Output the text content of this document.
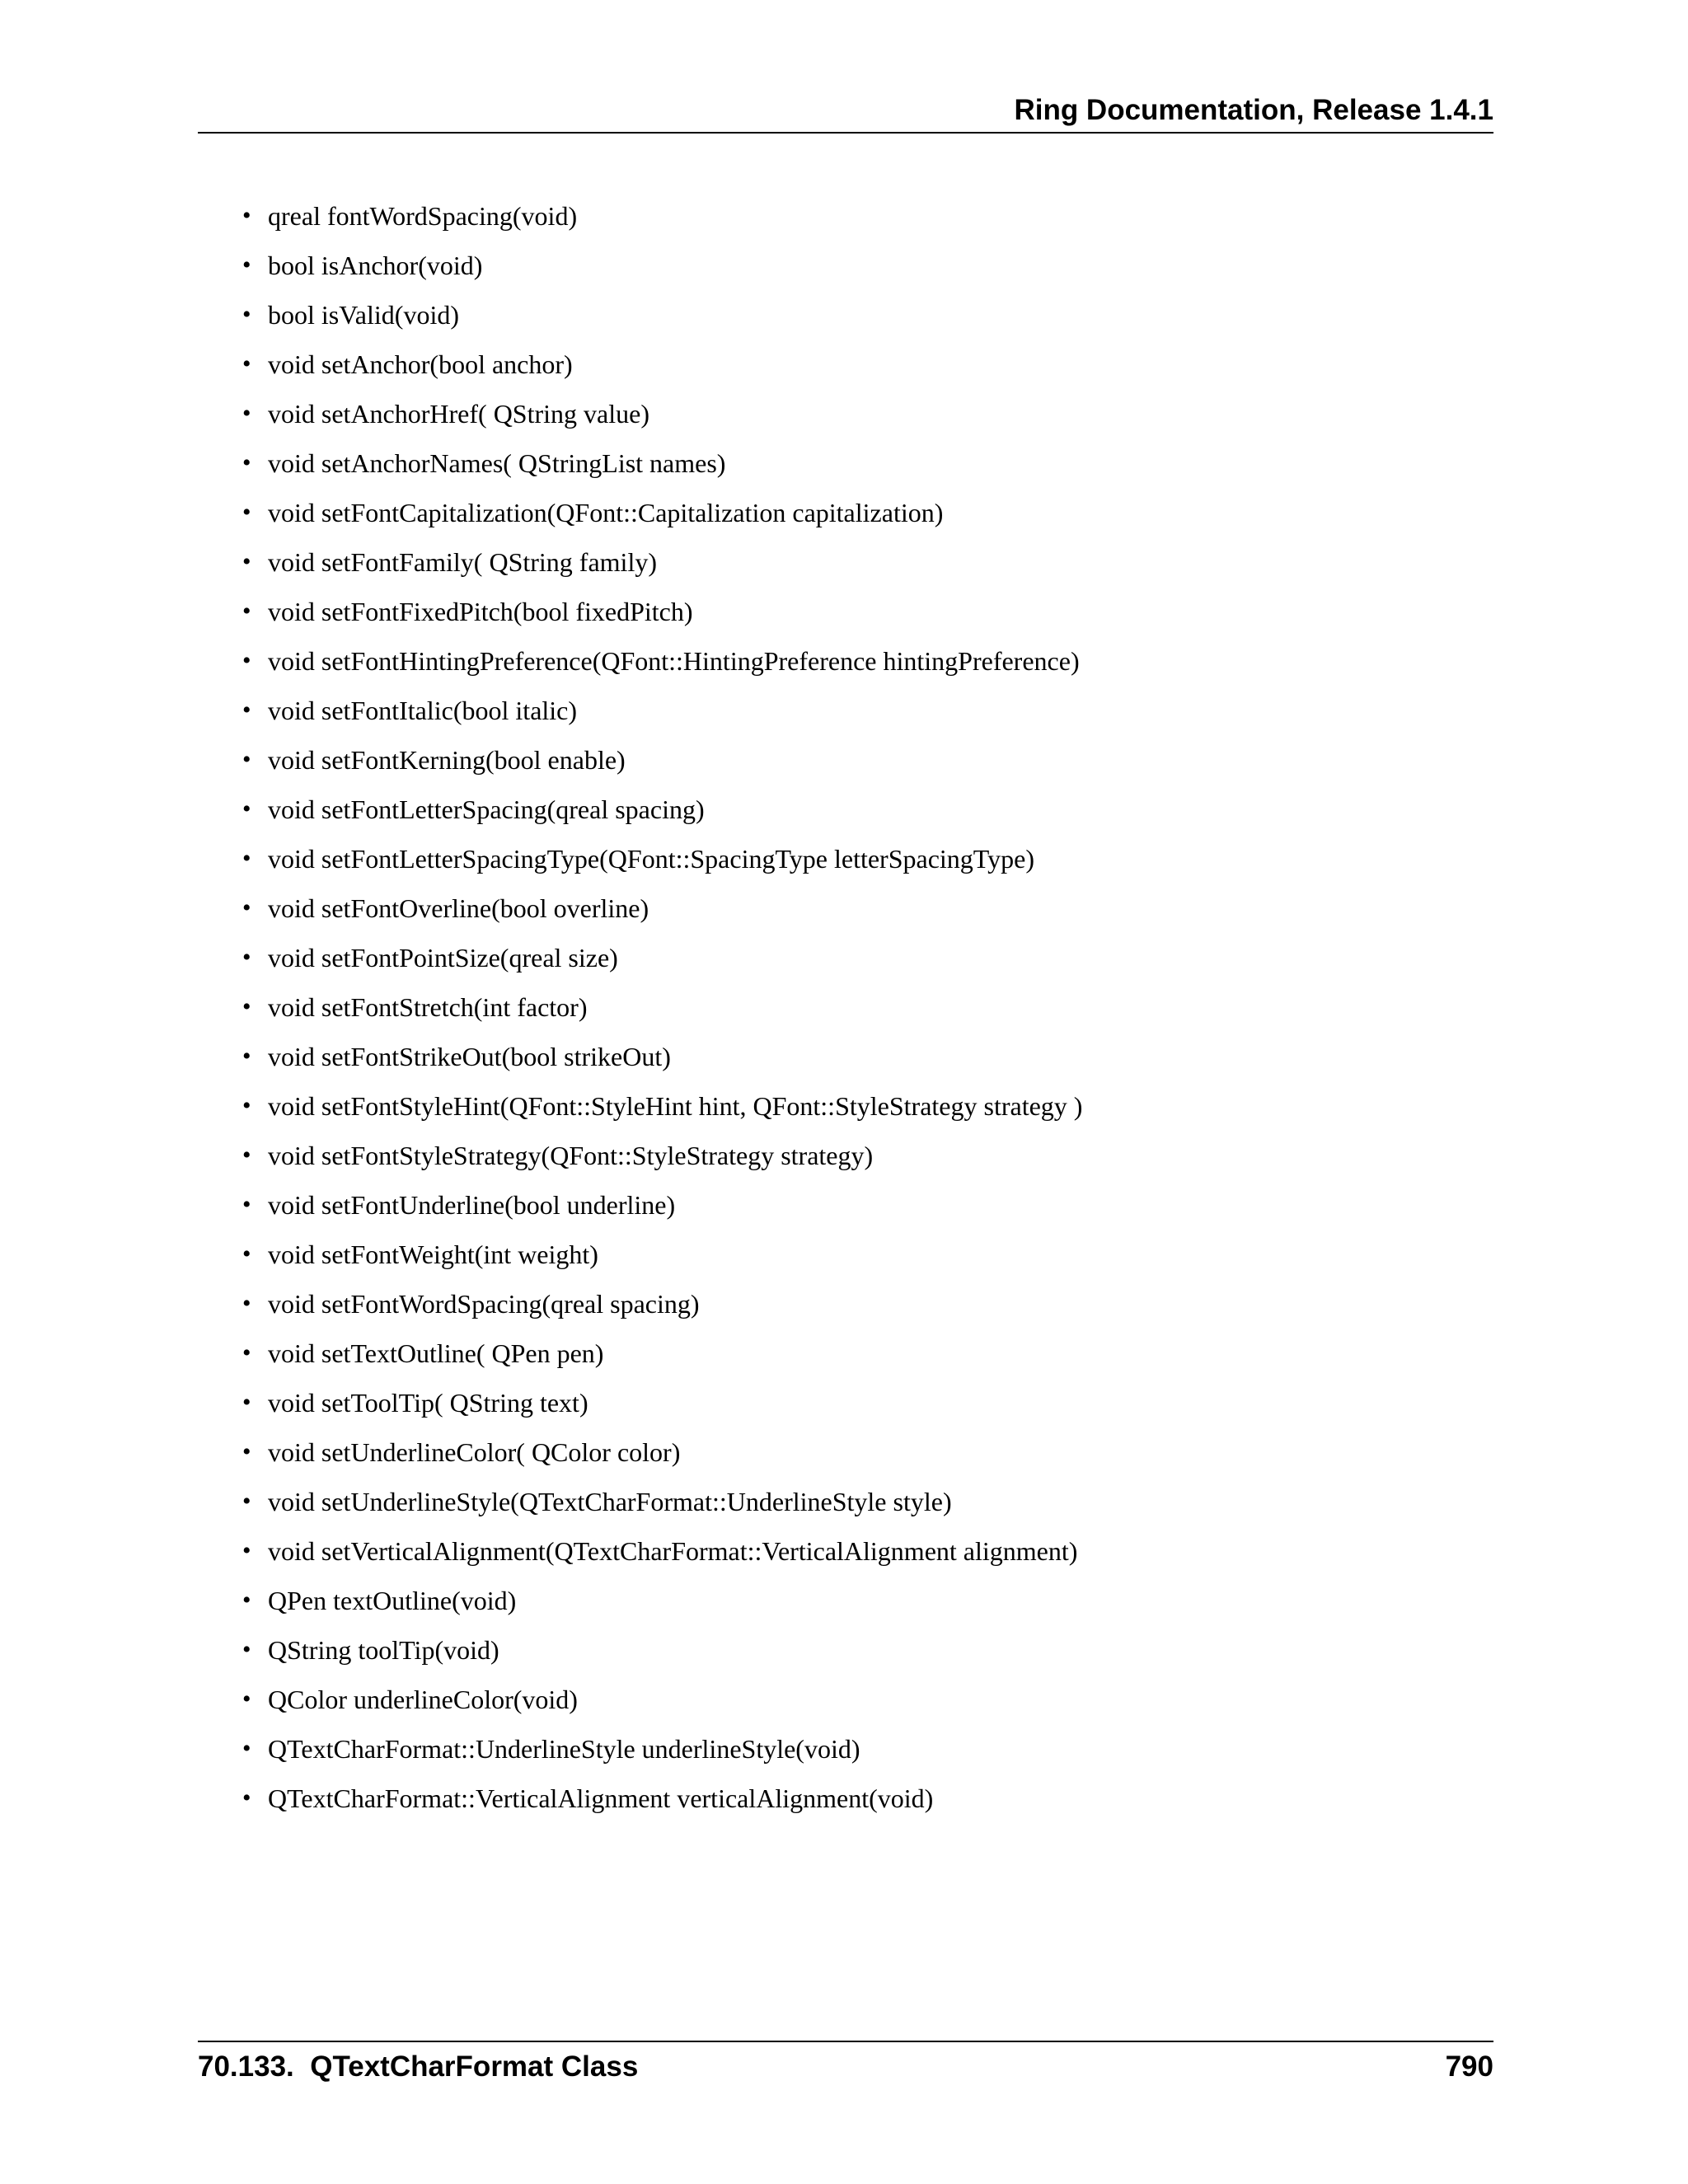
Ring Documentation, Release 1.4.1
• qreal fontWordSpacing(void)
• bool isAnchor(void)
• bool isValid(void)
• void setAnchor(bool anchor)
• void setAnchorHref( QString value)
• void setAnchorNames( QStringList names)
• void setFontCapitalization(QFont::Capitalization capitalization)
• void setFontFamily( QString family)
• void setFontFixedPitch(bool fixedPitch)
• void setFontHintingPreference(QFont::HintingPreference hintingPreference)
• void setFontItalic(bool italic)
• void setFontKerning(bool enable)
• void setFontLetterSpacing(qreal spacing)
• void setFontLetterSpacingType(QFont::SpacingType letterSpacingType)
• void setFontOverline(bool overline)
• void setFontPointSize(qreal size)
• void setFontStretch(int factor)
• void setFontStrikeOut(bool strikeOut)
• void setFontStyleHint(QFont::StyleHint hint, QFont::StyleStrategy strategy )
• void setFontStyleStrategy(QFont::StyleStrategy strategy)
• void setFontUnderline(bool underline)
• void setFontWeight(int weight)
• void setFontWordSpacing(qreal spacing)
• void setTextOutline( QPen pen)
• void setToolTip( QString text)
• void setUnderlineColor( QColor color)
• void setUnderlineStyle(QTextCharFormat::UnderlineStyle style)
• void setVerticalAlignment(QTextCharFormat::VerticalAlignment alignment)
• QPen textOutline(void)
• QString toolTip(void)
• QColor underlineColor(void)
• QTextCharFormat::UnderlineStyle underlineStyle(void)
• QTextCharFormat::VerticalAlignment verticalAlignment(void)
70.133.  QTextCharFormat Class	790
